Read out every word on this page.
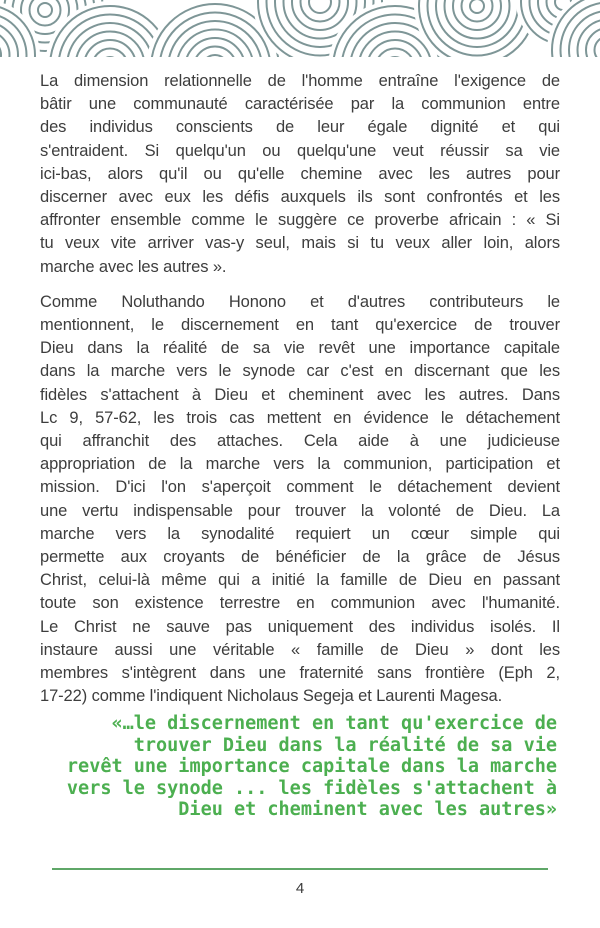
La dimension relationnelle de l'homme entraîne l'exigence de
bâtir une communauté caractérisée par la communion entre
des individus conscients de leur égale dignité et qui
s'entraident. Si quelqu'un ou quelqu'une veut réussir sa vie
ici-bas, alors qu'il ou qu'elle chemine avec les autres pour
discerner avec eux les défis auxquels ils sont confrontés et les
affronter ensemble comme le suggère ce proverbe africain : « Si
tu veux vite arriver vas-y seul, mais si tu veux aller loin, alors
marche avec les autres ».
Comme Noluthando Honono et d'autres contributeurs le
mentionnent, le discernement en tant qu'exercice de trouver
Dieu dans la réalité de sa vie revêt une importance capitale
dans la marche vers le synode car c'est en discernant que les
fidèles s'attachent à Dieu et cheminent avec les autres. Dans
Lc 9, 57-62, les trois cas mettent en évidence le détachement
qui affranchit des attaches. Cela aide à une judicieuse
appropriation de la marche vers la communion, participation et
mission. D'ici l'on s'aperçoit comment le détachement devient
une vertu indispensable pour trouver la volonté de Dieu. La
marche vers la synodalité requiert un cœur simple qui
permette aux croyants de bénéficier de la grâce de Jésus
Christ, celui-là même qui a initié la famille de Dieu en passant
toute son existence terrestre en communion avec l'humanité.
Le Christ ne sauve pas uniquement des individus isolés. Il
instaure aussi une véritable « famille de Dieu » dont les
membres s'intègrent dans une fraternité sans frontière (Eph 2,
17-22) comme l'indiquent Nicholaus Segeja et Laurenti Magesa.
«…le discernement en tant qu'exercice de
trouver Dieu dans la réalité de sa vie
revêt une importance capitale dans la marche
vers le synode ... les fidèles s'attachent à
Dieu et cheminent avec les autres»
4
